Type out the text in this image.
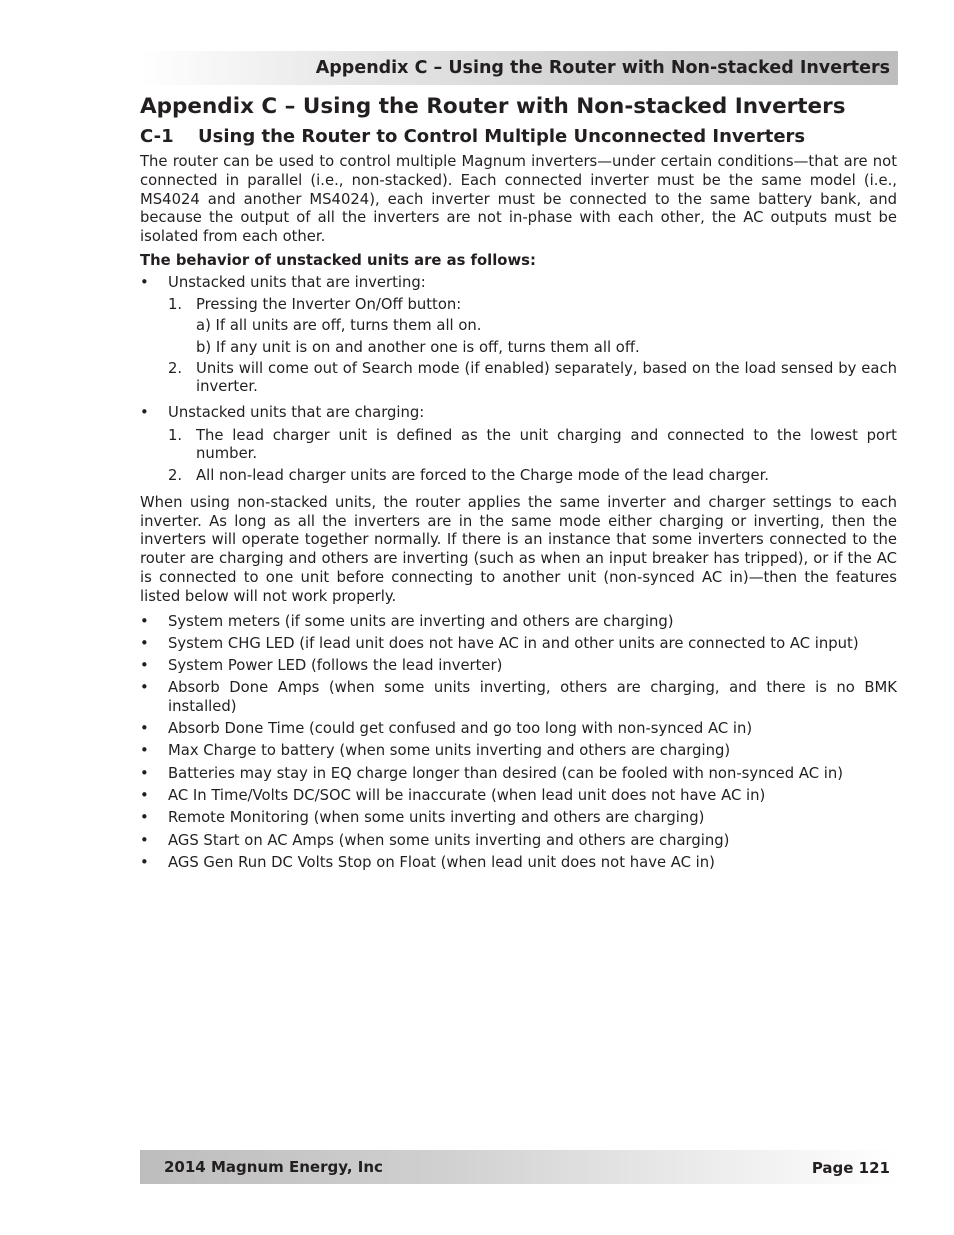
Appendix C – Using the Router with Non-stacked Inverters
Appendix C – Using the Router with Non-stacked Inverters
C-1 Using the Router to Control Multiple Unconnected Inverters

The router can be used to control multiple Magnum inverters—under certain conditions—that are not connected in parallel (i.e., non-stacked). Each connected inverter must be the same model (i.e., MS4024 and another MS4024), each inverter must be connected to the same battery bank, and because the output of all the inverters are not in-phase with each other, the AC outputs must be isolated from each other.

The behavior of unstacked units are as follows:

• Unstacked units that are inverting:
1. Pressing the Inverter On/Off button:
a) If all units are off, turns them all on.
b) If any unit is on and another one is off, turns them all off.
2. Units will come out of Search mode (if enabled) separately, based on the load sensed by each inverter.
• Unstacked units that are charging:
1. The lead charger unit is defined as the unit charging and connected to the lowest port number.
2. All non-lead charger units are forced to the Charge mode of the lead charger.

When using non-stacked units, the router applies the same inverter and charger settings to each inverter. As long as all the inverters are in the same mode either charging or inverting, then the inverters will operate together normally. If there is an instance that some inverters connected to the router are charging and others are inverting (such as when an input breaker has tripped), or if the AC is connected to one unit before connecting to another unit (non-synced AC in)—then the features listed below will not work properly.

• System meters (if some units are inverting and others are charging)
• System CHG LED (if lead unit does not have AC in and other units are connected to AC input)
• System Power LED (follows the lead inverter)
• Absorb Done Amps (when some units inverting, others are charging, and there is no BMK installed)
• Absorb Done Time (could get confused and go too long with non-synced AC in)
• Max Charge to battery (when some units inverting and others are charging)
• Batteries may stay in EQ charge longer than desired (can be fooled with non-synced AC in)
• AC In Time/Volts DC/SOC will be inaccurate (when lead unit does not have AC in)
• Remote Monitoring (when some units inverting and others are charging)
• AGS Start on AC Amps (when some units inverting and others are charging)
• AGS Gen Run DC Volts Stop on Float (when lead unit does not have AC in)
2014 Magnum Energy, Inc	Page 121
